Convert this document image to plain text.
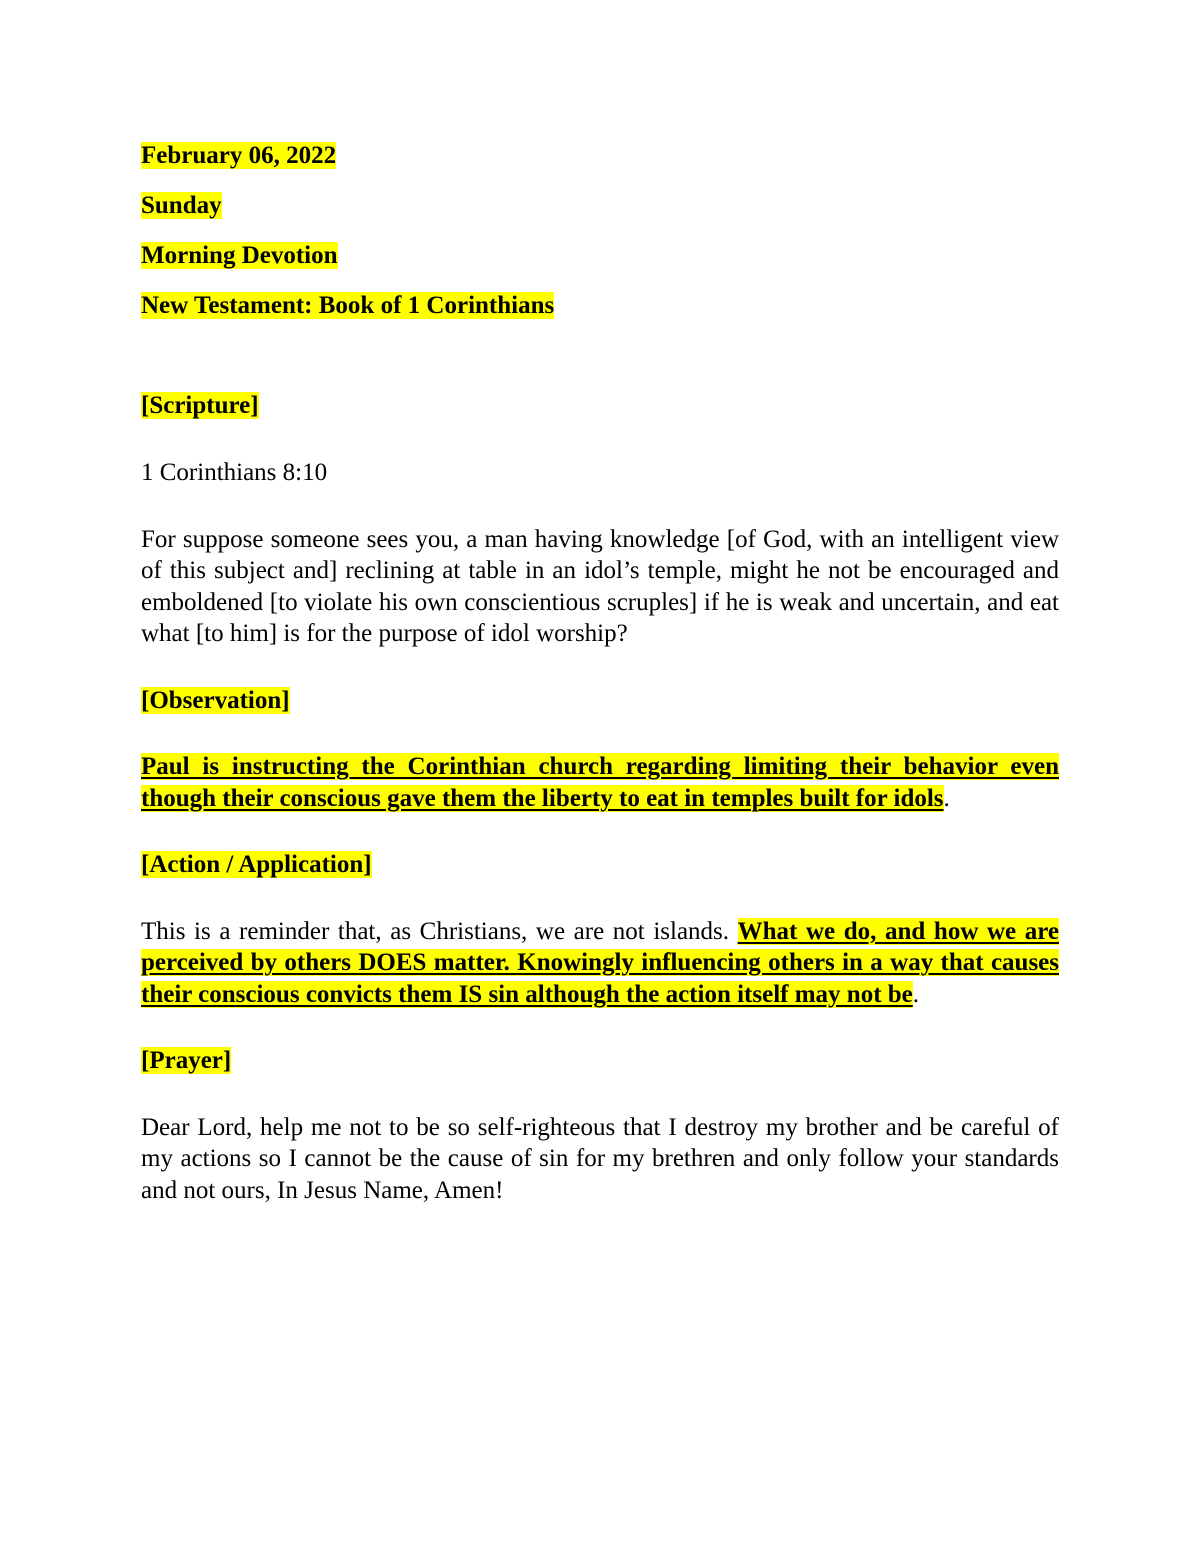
February 06, 2022

Sunday

Morning Devotion

New Testament: Book of 1 Corinthians

[Scripture]

1 Corinthians 8:10

For suppose someone sees you, a man having knowledge [of God, with an intelligent view of this subject and] reclining at table in an idol’s temple, might he not be encouraged and emboldened [to violate his own conscientious scruples] if he is weak and uncertain, and eat what [to him] is for the purpose of idol worship?

[Observation]

Paul is instructing the Corinthian church regarding limiting their behavior even though their conscious gave them the liberty to eat in temples built for idols.

[Action / Application]

This is a reminder that, as Christians, we are not islands. What we do, and how we are perceived by others DOES matter. Knowingly influencing others in a way that causes their conscious convicts them IS sin although the action itself may not be.

[Prayer]

Dear Lord, help me not to be so self-righteous that I destroy my brother and be careful of my actions so I cannot be the cause of sin for my brethren and only follow your standards and not ours, In Jesus Name, Amen!
